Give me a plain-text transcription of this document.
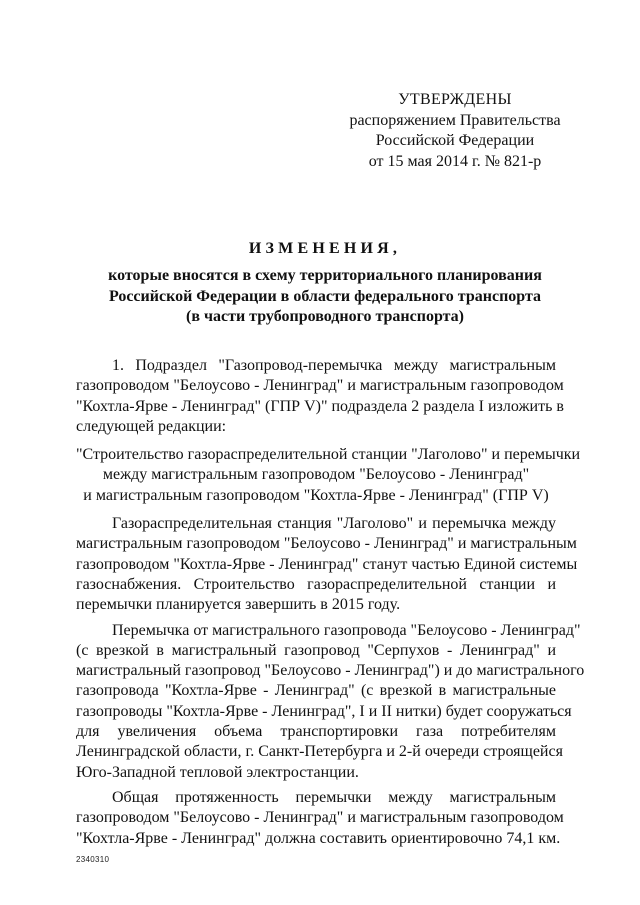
УТВЕРЖДЕНЫ
распоряжением Правительства
Российской Федерации
от 15 мая 2014 г. № 821-р
ИЗМЕНЕНИЯ,
которые вносятся в схему территориального планирования
Российской Федерации в области федерального транспорта
(в части трубопроводного транспорта)
1. Подраздел "Газопровод-перемычка между магистральным
газопроводом "Белоусово - Ленинград" и магистральным газопроводом
"Кохтла-Ярве - Ленинград" (ГПР V)" подраздела 2 раздела I изложить в
следующей редакции:
"Строительство газораспределительной станции "Лаголово" и перемычки
между магистральным газопроводом "Белоусово - Ленинград"
и магистральным газопроводом "Кохтла-Ярве - Ленинград" (ГПР V)
Газораспределительная станция "Лаголово" и перемычка между
магистральным газопроводом "Белоусово - Ленинград" и магистральным
газопроводом "Кохтла-Ярве - Ленинград" станут частью Единой системы
газоснабжения. Строительство газораспределительной станции и
перемычки планируется завершить в 2015 году.
Перемычка от магистрального газопровода "Белоусово - Ленинград"
(с врезкой в магистральный газопровод "Серпухов - Ленинград" и
магистральный газопровод "Белоусово - Ленинград") и до магистрального
газопровода "Кохтла-Ярве - Ленинград" (с врезкой в магистральные
газопроводы "Кохтла-Ярве - Ленинград", I и II нитки) будет сооружаться
для увеличения объема транспортировки газа потребителям
Ленинградской области, г. Санкт-Петербурга и 2-й очереди строящейся
Юго-Западной тепловой электростанции.
Общая протяженность перемычки между магистральным
газопроводом "Белоусово - Ленинград" и магистральным газопроводом
"Кохтла-Ярве - Ленинград" должна составить ориентировочно 74,1 км.
2340310
